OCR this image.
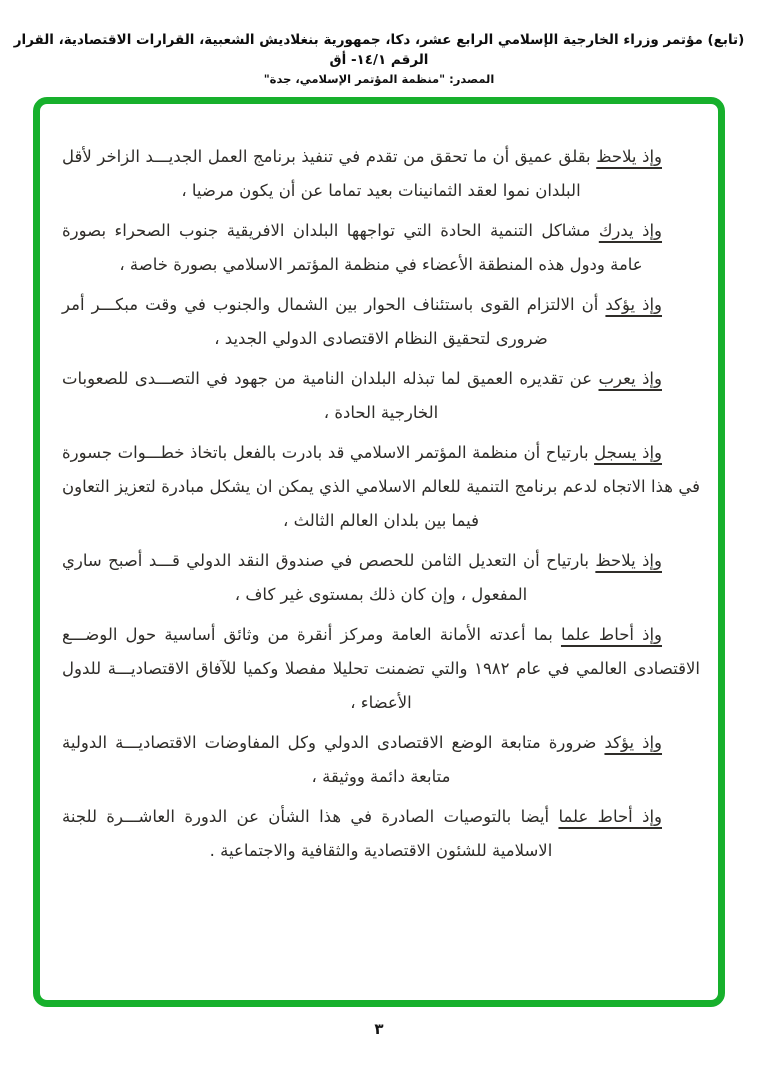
(تابع) مؤتمر وزراء الخارجية الإسلامي الرابع عشر، دكا، جمهورية بنغلاديش الشعبية، القرارات الاقتصادية، القرار الرقم ١٤/١- أق
المصدر: "منظمة المؤتمر الإسلامي، جدة"

وإذ يلاحظ بقلق عميق أن ما تحقق من تقدم في تنفيذ برنامج العمل الجديـــد الزاخر لأقل البلدان نموا لعقد الثمانينات بعيد تماما عن أن يكون مرضيا ،

وإذ يدرك مشاكل التنمية الحادة التي تواجهها البلدان الافريقية جنوب الصحراء بصورة عامة ودول هذه المنطقة الأعضاء في منظمة المؤتمر الاسلامي بصورة خاصة ،

وإذ يؤكد أن الالتزام القوى باستئناف الحوار بين الشمال والجنوب في وقت مبكـــر أمر ضرورى لتحقيق النظام الاقتصادى الدولي الجديد ،

وإذ يعرب عن تقديره العميق لما تبذله البلدان النامية من جهود في التصـــدى للصعوبات الخارجية الحادة ،

وإذ يسجل بارتياح أن منظمة المؤتمر الاسلامي قد بادرت بالفعل باتخاذ خطـــوات جسورة في هذا الاتجاه لدعم برنامج التنمية للعالم الاسلامي الذي يمكن ان يشكل مبادرة لتعزيز التعاون فيما بين بلدان العالم الثالث ،

وإذ يلاحظ بارتياح أن التعديل الثامن للحصص في صندوق النقد الدولي قـــد أصبح ساري المفعول ، وإن كان ذلك بمستوى غير كاف ،

وإذ أحاط علما بما أعدته الأمانة العامة ومركز أنقرة من وثائق أساسية حول الوضـــع الاقتصادى العالمي في عام ١٩٨٢ والتي تضمنت تحليلا مفصلا وكميا للآفاق الاقتصاديـــة للدول الأعضاء ،

وإذ يؤكد ضرورة متابعة الوضع الاقتصادى الدولي وكل المفاوضات الاقتصاديـــة الدولية متابعة دائمة ووثيقة ،

وإذ أحاط علما أيضا بالتوصيات الصادرة في هذا الشأن عن الدورة العاشـــرة للجنة الاسلامية للشئون الاقتصادية والثقافية والاجتماعية .

٣
